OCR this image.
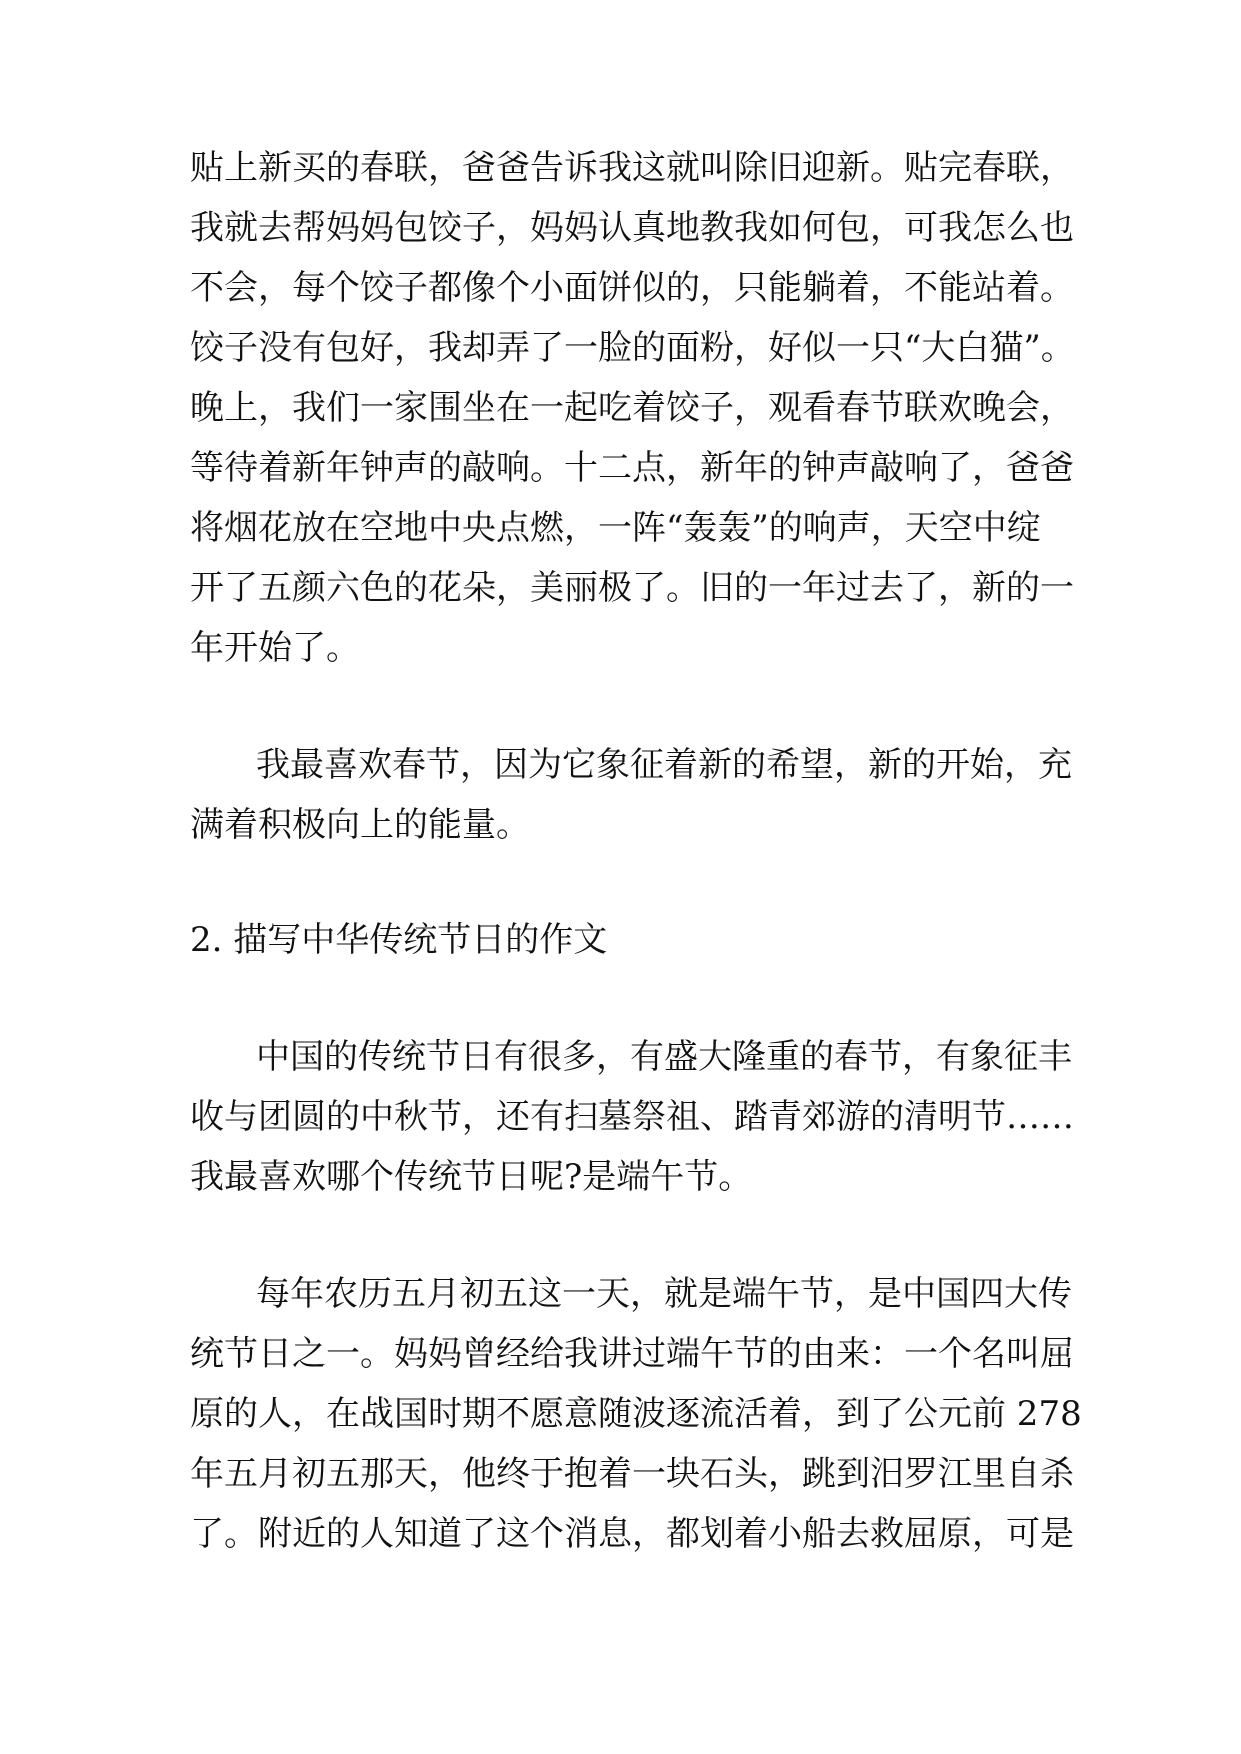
贴上新买的春联，爸爸告诉我这就叫除旧迎新。贴完春联，
我就去帮妈妈包饺子，妈妈认真地教我如何包，可我怎么也
不会，每个饺子都像个小面饼似的，只能躺着，不能站着。
饺子没有包好，我却弄了一脸的面粉，好似一只“大白猫”。
晚上，我们一家围坐在一起吃着饺子，观看春节联欢晚会，
等待着新年钟声的敲响。十二点，新年的钟声敲响了，爸爸
将烟花放在空地中央点燃，一阵“轰轰”的响声，天空中绽
开了五颜六色的花朵，美丽极了。旧的一年过去了，新的一
年开始了。
我最喜欢春节，因为它象征着新的希望，新的开始，充
满着积极向上的能量。
2. 描写中华传统节日的作文
中国的传统节日有很多，有盛大隆重的春节，有象征丰
收与团圆的中秋节，还有扫墓祭祖、踏青郊游的清明节……
我最喜欢哪个传统节日呢?是端午节。
每年农历五月初五这一天，就是端午节，是中国四大传
统节日之一。妈妈曾经给我讲过端午节的由来：一个名叫屈
原的人，在战国时期不愿意随波逐流活着，到了公元前 278
年五月初五那天，他终于抱着一块石头，跳到汨罗江里自杀
了。附近的人知道了这个消息，都划着小船去救屈原，可是
